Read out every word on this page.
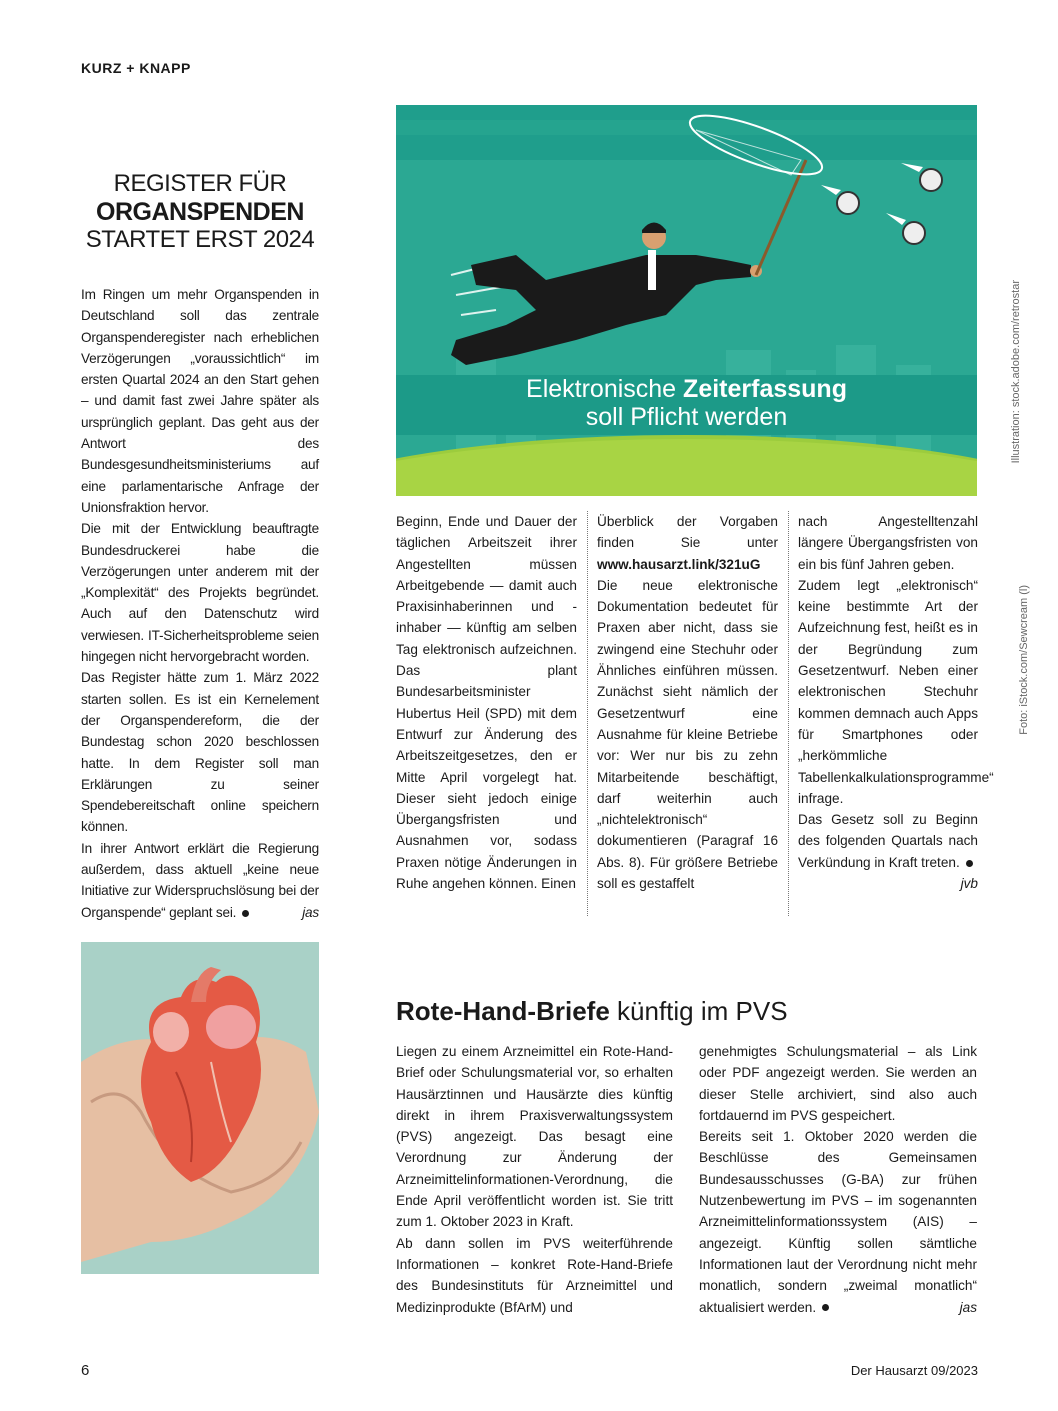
KURZ + KNAPP
REGISTER FÜR
ORGANSPENDEN
STARTET ERST 2024

Im Ringen um mehr Organspenden in Deutschland soll das zentrale Organspenderegister nach erheblichen Verzögerungen „voraussichtlich“ im ersten Quartal 2024 an den Start gehen – und damit fast zwei Jahre später als ursprünglich geplant. Das geht aus der Antwort des Bundesgesundheitsministeriums auf eine parlamentarische Anfrage der Unionsfraktion hervor.

Die mit der Entwicklung beauftragte Bundesdruckerei habe die Verzögerungen unter anderem mit der „Komplexität“ des Projekts begründet. Auch auf den Datenschutz wird verwiesen. IT-Sicherheitsprobleme seien hingegen nicht hervorgebracht worden.

Das Register hätte zum 1. März 2022 starten sollen. Es ist ein Kernelement der Organspendereform, die der Bundestag schon 2020 beschlossen hatte. In dem Register soll man Erklärungen zu seiner Spendebereitschaft online speichern können.

In ihrer Antwort erklärt die Regierung außerdem, dass aktuell „keine neue Initiative zur Widerspruchslösung bei der Organspende“ geplant sei.	jas

Elektronische Zeiterfassung
soll Pflicht werden	Illustration: stock.adobe.com/retrostar
Foto: iStock.com/Sewcream (l)

Beginn, Ende und Dauer der täglichen Arbeitszeit ihrer Angestellten müssen Arbeitgebende — damit auch Praxisinhaberinnen und -inhaber — künftig am selben Tag elektronisch aufzeichnen. Das plant Bundesarbeitsminister Hubertus Heil (SPD) mit dem Entwurf zur Änderung des Arbeitszeitgesetzes, den er Mitte April vorgelegt hat. Dieser sieht jedoch einige Übergangsfristen und Ausnahmen vor, sodass Praxen nötige Änderungen in Ruhe angehen können. Einen

Überblick der Vorgaben finden Sie unter www.hausarzt.link/321uG

Die neue elektronische Dokumentation bedeutet für Praxen aber nicht, dass sie zwingend eine Stechuhr oder Ähnliches einführen müssen. Zunächst sieht nämlich der Gesetzentwurf eine Ausnahme für kleine Betriebe vor: Wer nur bis zu zehn Mitarbeitende beschäftigt, darf weiterhin auch „nichtelektronisch“ dokumentieren (Paragraf 16 Abs. 8). Für größere Betriebe soll es gestaffelt

nach Angestelltenzahl längere Übergangsfristen von ein bis fünf Jahren geben.

Zudem legt „elektronisch“ keine bestimmte Art der Aufzeichnung fest, heißt es in der Begründung zum Gesetzentwurf. Neben einer elektronischen Stechuhr kommen demnach auch Apps für Smartphones oder „herkömmliche Tabellenkalkulationsprogramme“ infrage.

Das Gesetz soll zu Beginn des folgenden Quartals nach Verkündung in Kraft treten.
jvb

Rote-Hand-Briefe künftig im PVS

Liegen zu einem Arzneimittel ein Rote-Hand-Brief oder Schulungsmaterial vor, so erhalten Hausärztinnen und Hausärzte dies künftig direkt in ihrem Praxisverwaltungssystem (PVS) angezeigt. Das besagt eine Verordnung zur Änderung der Arzneimittelinformationen-Verordnung, die Ende April veröffentlicht worden ist. Sie tritt zum 1. Oktober 2023 in Kraft.

Ab dann sollen im PVS weiterführende Informationen – konkret Rote-Hand-Briefe des Bundesinstituts für Arzneimittel und Medizinprodukte (BfArM) und

genehmigtes Schulungsmaterial – als Link oder PDF angezeigt werden. Sie werden an dieser Stelle archiviert, sind also auch fortdauernd im PVS gespeichert.

Bereits seit 1. Oktober 2020 werden die Beschlüsse des Gemeinsamen Bundesausschusses (G-BA) zur frühen Nutzenbewertung im PVS – im sogenannten Arzneimittelinformationssystem (AIS) – angezeigt. Künftig sollen sämtliche Informationen laut der Verordnung nicht mehr monatlich, sondern „zweimal monatlich“ aktualisiert werden.	jas

6	Der Hausarzt 09/2023
